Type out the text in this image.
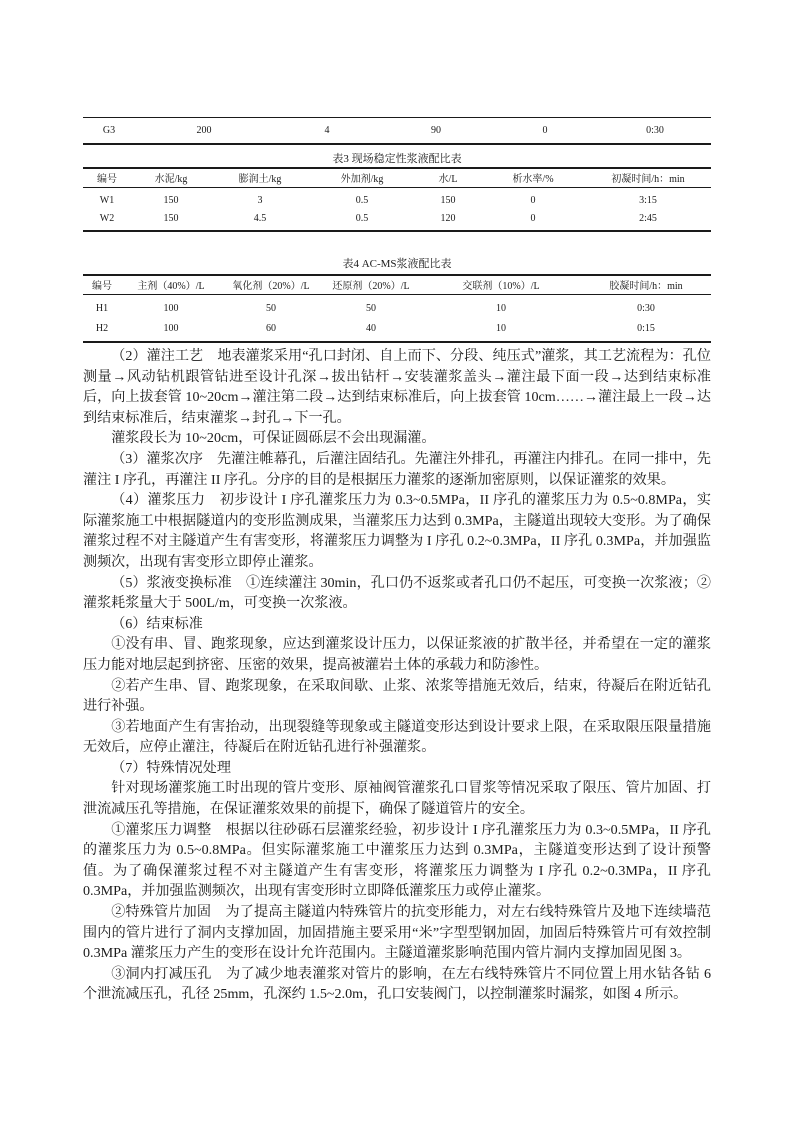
G3	200	4	90	0	0:30
表3 现场稳定性浆液配比表
编号	水泥/kg	膨润土/kg	外加剂/kg	水/L	析水率/%	初凝时间/h：min

W1	150	3	0.5	150	0	3:15
W2	150	4.5	0.5	120	0	2:45
表4 AC-MS浆液配比表
编号	主剂（40%）/L	氧化剂（20%）/L	还原剂（20%）/L	交联剂（10%）/L	胶凝时间/h：min

H1	100	50	50	10	0:30
H2	100	60	40	10	0:15

（2）灌注工艺　地表灌浆采用“孔口封闭、自上而下、分段、纯压式”灌浆，其工艺流程为：孔位测量→风动钻机跟管钻进至设计孔深→拔出钻杆→安装灌浆盖头→灌注最下面一段→达到结束标准后，向上拔套管 10~20cm→灌注第二段→达到结束标准后，向上拔套管 10cm……→灌注最上一段→达到结束标准后，结束灌浆→封孔→下一孔。

灌浆段长为 10~20cm，可保证圆砾层不会出现漏灌。

（3）灌浆次序　先灌注帷幕孔，后灌注固结孔。先灌注外排孔，再灌注内排孔。在同一排中，先灌注 I 序孔，再灌注 II 序孔。分序的目的是根据压力灌浆的逐渐加密原则，以保证灌浆的效果。

（4）灌浆压力　初步设计 I 序孔灌浆压力为 0.3~0.5MPa，II 序孔的灌浆压力为 0.5~0.8MPa，实际灌浆施工中根据隧道内的变形监测成果，当灌浆压力达到 0.3MPa，主隧道出现较大变形。为了确保灌浆过程不对主隧道产生有害变形，将灌浆压力调整为 I 序孔 0.2~0.3MPa，II 序孔 0.3MPa，并加强监测频次，出现有害变形立即停止灌浆。

（5）浆液变换标准　①连续灌注 30min，孔口仍不返浆或者孔口仍不起压，可变换一次浆液；②灌浆耗浆量大于 500L/m，可变换一次浆液。

（6）结束标准

①没有串、冒、跑浆现象，应达到灌浆设计压力，以保证浆液的扩散半径，并希望在一定的灌浆压力能对地层起到挤密、压密的效果，提高被灌岩土体的承载力和防渗性。

②若产生串、冒、跑浆现象，在采取间歇、止浆、浓浆等措施无效后，结束，待凝后在附近钻孔进行补强。

③若地面产生有害抬动，出现裂缝等现象或主隧道变形达到设计要求上限，在采取限压限量措施无效后，应停止灌注，待凝后在附近钻孔进行补强灌浆。

（7）特殊情况处理

针对现场灌浆施工时出现的管片变形、原袖阀管灌浆孔口冒浆等情况采取了限压、管片加固、打泄流减压孔等措施，在保证灌浆效果的前提下，确保了隧道管片的安全。

①灌浆压力调整　根据以往砂砾石层灌浆经验，初步设计 I 序孔灌浆压力为 0.3~0.5MPa，II 序孔的灌浆压力为 0.5~0.8MPa。但实际灌浆施工中灌浆压力达到 0.3MPa，主隧道变形达到了设计预警值。为了确保灌浆过程不对主隧道产生有害变形，将灌浆压力调整为 I 序孔 0.2~0.3MPa，II 序孔 0.3MPa，并加强监测频次，出现有害变形时立即降低灌浆压力或停止灌浆。

②特殊管片加固　为了提高主隧道内特殊管片的抗变形能力，对左右线特殊管片及地下连续墙范围内的管片进行了洞内支撑加固，加固措施主要采用“米”字型型钢加固，加固后特殊管片可有效控制 0.3MPa 灌浆压力产生的变形在设计允许范围内。主隧道灌浆影响范围内管片洞内支撑加固见图 3。

③洞内打减压孔　为了减少地表灌浆对管片的影响，在左右线特殊管片不同位置上用水钻各钻 6 个泄流减压孔，孔径 25mm，孔深约 1.5~2.0m，孔口安装阀门，以控制灌浆时漏浆，如图 4 所示。
